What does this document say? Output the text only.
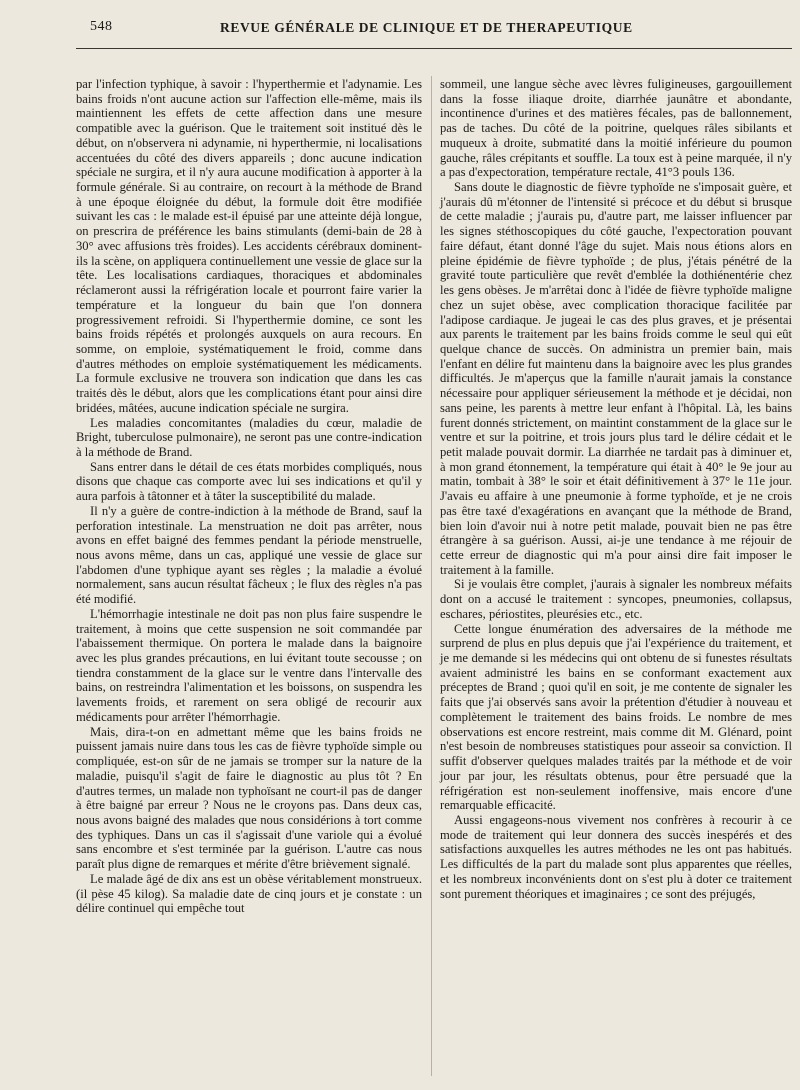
548	REVUE GÉNÉRALE DE CLINIQUE ET DE THERAPEUTIQUE

par l'infection typhique, à savoir : l'hyperthermie et l'adynamie. Les bains froids n'ont aucune action sur l'affection elle-même, mais ils maintiennent les effets de cette affection dans une mesure compatible avec la guérison. Que le traitement soit institué dès le début, on n'observera ni adynamie, ni hyperthermie, ni localisations accentuées du côté des divers appareils ; donc aucune indication spéciale ne surgira, et il n'y aura aucune modification à apporter à la formule générale. Si au contraire, on recourt à la méthode de Brand à une époque éloignée du début, la formule doit être modifiée suivant les cas : le malade est-il épuisé par une atteinte déjà longue, on prescrira de préférence les bains stimulants (demi-bain de 28 à 30° avec affusions très froides). Les accidents cérébraux dominent-ils la scène, on appliquera continuellement une vessie de glace sur la tête. Les localisations cardiaques, thoraciques et abdominales réclameront aussi la réfrigération locale et pourront faire varier la température et la longueur du bain que l'on donnera progressivement refroidi. Si l'hyperthermie domine, ce sont les bains froids répétés et prolongés auxquels on aura recours. En somme, on emploie, systématiquement le froid, comme dans d'autres méthodes on emploie systématiquement les médicaments. La formule exclusive ne trouvera son indication que dans les cas traités dès le début, alors que les complications étant pour ainsi dire bridées, mâtées, aucune indication spéciale ne surgira.

Les maladies concomitantes (maladies du cœur, maladie de Bright, tuberculose pulmonaire), ne seront pas une contre-indication à la méthode de Brand.

Sans entrer dans le détail de ces états morbides compliqués, nous disons que chaque cas comporte avec lui ses indications et qu'il y aura parfois à tâtonner et à tâter la susceptibilité du malade.

Il n'y a guère de contre-indiction à la méthode de Brand, sauf la perforation intestinale. La menstruation ne doit pas arrêter, nous avons en effet baigné des femmes pendant la période menstruelle, nous avons même, dans un cas, appliqué une vessie de glace sur l'abdomen d'une typhique ayant ses règles ; la maladie a évolué normalement, sans aucun résultat fâcheux ; le flux des règles n'a pas été modifié.

L'hémorrhagie intestinale ne doit pas non plus faire suspendre le traitement, à moins que cette suspension ne soit commandée par l'abaissement thermique. On portera le malade dans la baignoire avec les plus grandes précautions, en lui évitant toute secousse ; on tiendra constamment de la glace sur le ventre dans l'intervalle des bains, on restreindra l'alimentation et les boissons, on suspendra les lavements froids, et rarement on sera obligé de recourir aux médicaments pour arrêter l'hémorrhagie.

Mais, dira-t-on en admettant même que les bains froids ne puissent jamais nuire dans tous les cas de fièvre typhoïde simple ou compliquée, est-on sûr de ne jamais se tromper sur la nature de la maladie, puisqu'il s'agit de faire le diagnostic au plus tôt ? En d'autres termes, un malade non typhoïsant ne court-il pas de danger à être baigné par erreur ? Nous ne le croyons pas. Dans deux cas, nous avons baigné des malades que nous considérions à tort comme des typhiques. Dans un cas il s'agissait d'une variole qui a évolué sans encombre et s'est terminée par la guérison. L'autre cas nous paraît plus digne de remarques et mérite d'être brièvement signalé.

Le malade âgé de dix ans est un obèse véritablement monstrueux. (il pèse 45 kilog). Sa maladie date de cinq jours et je constate : un délire continuel qui empêche tout

sommeil, une langue sèche avec lèvres fuligineuses, gargouillement dans la fosse iliaque droite, diarrhée jaunâtre et abondante, incontinence d'urines et des matières fécales, pas de ballonnement, pas de taches. Du côté de la poitrine, quelques râles sibilants et muqueux à droite, submatité dans la moitié inférieure du poumon gauche, râles crépitants et souffle. La toux est à peine marquée, il n'y a pas d'expectoration, température rectale, 41°3 pouls 136.

Sans doute le diagnostic de fièvre typhoïde ne s'imposait guère, et j'aurais dû m'étonner de l'intensité si précoce et du début si brusque de cette maladie ; j'aurais pu, d'autre part, me laisser influencer par les signes stéthoscopiques du côté gauche, l'expectoration pouvant faire défaut, étant donné l'âge du sujet. Mais nous étions alors en pleine épidémie de fièvre typhoïde ; de plus, j'étais pénétré de la gravité toute particulière que revêt d'emblée la dothiénentérie chez les gens obèses. Je m'arrêtai donc à l'idée de fièvre typhoïde maligne chez un sujet obèse, avec complication thoracique facilitée par l'adipose cardiaque. Je jugeai le cas des plus graves, et je présentai aux parents le traitement par les bains froids comme le seul qui eût quelque chance de succès. On administra un premier bain, mais l'enfant en délire fut maintenu dans la baignoire avec les plus grandes difficultés. Je m'aperçus que la famille n'aurait jamais la constance nécessaire pour appliquer sérieusement la méthode et je décidai, non sans peine, les parents à mettre leur enfant à l'hôpital. Là, les bains furent donnés strictement, on maintint constamment de la glace sur le ventre et sur la poitrine, et trois jours plus tard le délire cédait et le petit malade pouvait dormir. La diarrhée ne tardait pas à diminuer et, à mon grand étonnement, la température qui était à 40° le 9e jour au matin, tombait à 38° le soir et était définitivement à 37° le 11e jour. J'avais eu affaire à une pneumonie à forme typhoïde, et je ne crois pas être taxé d'exagérations en avançant que la méthode de Brand, bien loin d'avoir nui à notre petit malade, pouvait bien ne pas être étrangère à sa guérison. Aussi, ai-je une tendance à me réjouir de cette erreur de diagnostic qui m'a pour ainsi dire fait imposer le traitement à la famille.

Si je voulais être complet, j'aurais à signaler les nombreux méfaits dont on a accusé le traitement : syncopes, pneumonies, collapsus, eschares, périostites, pleurésies etc., etc.

Cette longue énumération des adversaires de la méthode me surprend de plus en plus depuis que j'ai l'expérience du traitement, et je me demande si les médecins qui ont obtenu de si funestes résultats avaient administré les bains en se conformant exactement aux préceptes de Brand ; quoi qu'il en soit, je me contente de signaler les faits que j'ai observés sans avoir la prétention d'étudier à nouveau et complètement le traitement des bains froids. Le nombre de mes observations est encore restreint, mais comme dit M. Glénard, point n'est besoin de nombreuses statistiques pour asseoir sa conviction. Il suffit d'observer quelques malades traités par la méthode et de voir jour par jour, les résultats obtenus, pour être persuadé que la réfrigération est non-seulement inoffensive, mais encore d'une remarquable efficacité.

Aussi engageons-nous vivement nos confrères à recourir à ce mode de traitement qui leur donnera des succès inespérés et des satisfactions auxquelles les autres méthodes ne les ont pas habitués. Les difficultés de la part du malade sont plus apparentes que réelles, et les nombreux inconvénients dont on s'est plu à doter ce traitement sont purement théoriques et imaginaires ; ce sont des préjugés,
